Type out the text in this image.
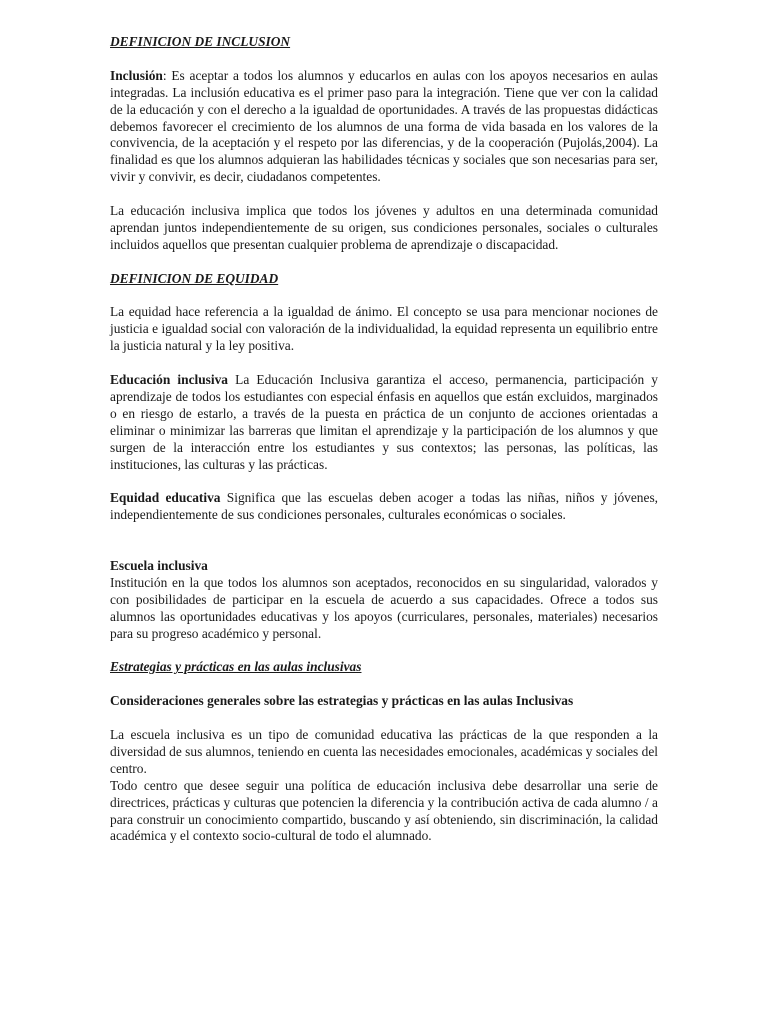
DEFINICION DE INCLUSION

Inclusión: Es aceptar a todos los alumnos y educarlos en aulas con los apoyos necesarios en aulas integradas. La inclusión educativa es el primer paso para la integración. Tiene que ver con la calidad de la educación y con el derecho a la igualdad de oportunidades. A través de las propuestas didácticas debemos favorecer el crecimiento de los alumnos de una forma de vida basada en los valores de la convivencia, de la aceptación y el respeto por las diferencias, y de la cooperación (Pujolás,2004). La finalidad es que los alumnos adquieran las habilidades técnicas y sociales que son necesarias para ser, vivir y convivir, es decir, ciudadanos competentes.

La educación inclusiva implica que todos los jóvenes y adultos en una determinada comunidad aprendan juntos independientemente de su origen, sus condiciones personales, sociales o culturales incluidos aquellos que presentan cualquier problema de aprendizaje o discapacidad.

DEFINICION DE EQUIDAD

La equidad hace referencia a la igualdad de ánimo. El concepto se usa para mencionar nociones de justicia e igualdad social con valoración de la individualidad, la equidad representa un equilibrio entre la justicia natural y la ley positiva.

Educación inclusiva La Educación Inclusiva garantiza el acceso, permanencia, participación y aprendizaje de todos los estudiantes con especial énfasis en aquellos que están excluidos, marginados o en riesgo de estarlo, a través de la puesta en práctica de un conjunto de acciones orientadas a eliminar o minimizar las barreras que limitan el aprendizaje y la participación de los alumnos y que surgen de la interacción entre los estudiantes y sus contextos; las personas, las políticas, las instituciones, las culturas y las prácticas.

Equidad educativa Significa que las escuelas deben acoger a todas las niñas, niños y jóvenes, independientemente de sus condiciones personales, culturales económicas o sociales.

Escuela inclusiva

Institución en la que todos los alumnos son aceptados, reconocidos en su singularidad, valorados y con posibilidades de participar en la escuela de acuerdo a sus capacidades. Ofrece a todos sus alumnos las oportunidades educativas y los apoyos (curriculares, personales, materiales) necesarios para su progreso académico y personal.

Estrategias y prácticas en las aulas inclusivas

Consideraciones generales sobre las estrategias y prácticas en las aulas Inclusivas

La escuela inclusiva es un tipo de comunidad educativa las prácticas de la que responden a la diversidad de sus alumnos, teniendo en cuenta las necesidades emocionales, académicas y sociales del centro.

Todo centro que desee seguir una política de educación inclusiva debe desarrollar una serie de directrices, prácticas y culturas que potencien la diferencia y la contribución activa de cada alumno / a para construir un conocimiento compartido, buscando y así obteniendo, sin discriminación, la calidad académica y el contexto socio-cultural de todo el alumnado.
